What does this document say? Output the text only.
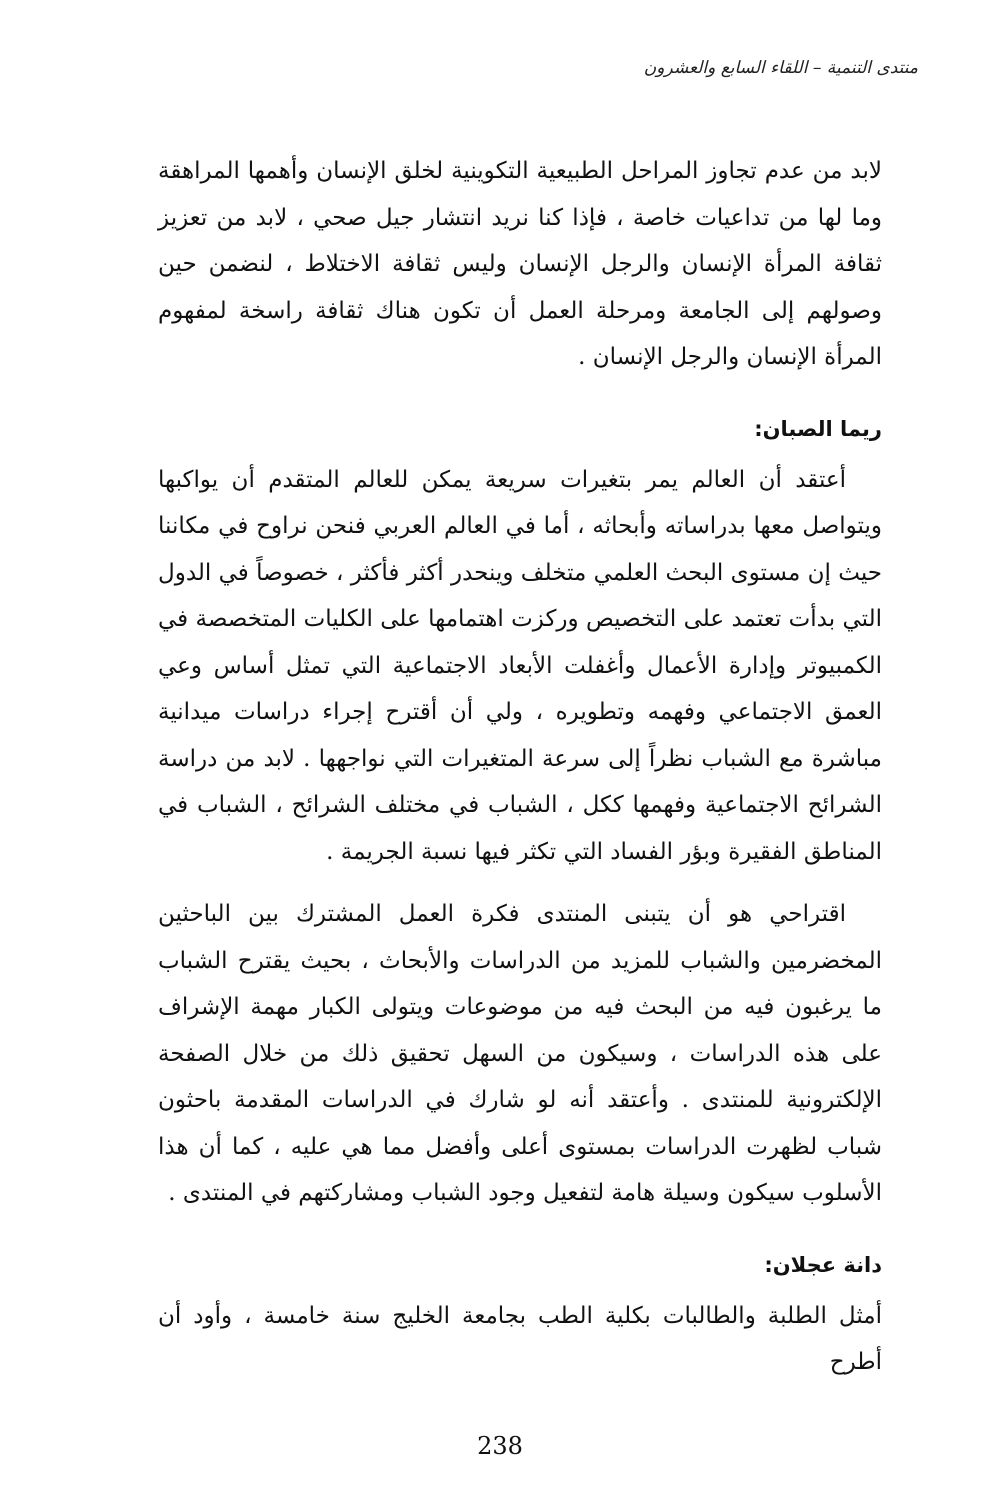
منتدى التنمية – اللقاء السابع والعشرون

لابد من عدم تجاوز المراحل الطبيعية التكوينية لخلق الإنسان وأهمها المراهقة وما لها من تداعيات خاصة ، فإذا كنا نريد انتشار جيل صحي ، لابد من تعزيز ثقافة المرأة الإنسان والرجل الإنسان وليس ثقافة الاختلاط ، لنضمن حين وصولهم إلى الجامعة ومرحلة العمل أن تكون هناك ثقافة راسخة لمفهوم المرأة الإنسان والرجل الإنسان .

ريما الصبان:

أعتقد أن العالم يمر بتغيرات سريعة يمكن للعالم المتقدم أن يواكبها ويتواصل معها بدراساته وأبحاثه ، أما في العالم العربي فنحن نراوح في مكاننا حيث إن مستوى البحث العلمي متخلف وينحدر أكثر فأكثر ، خصوصاً في الدول التي بدأت تعتمد على التخصيص وركزت اهتمامها على الكليات المتخصصة في الكمبيوتر وإدارة الأعمال وأغفلت الأبعاد الاجتماعية التي تمثل أساس وعي العمق الاجتماعي وفهمه وتطويره ، ولي أن أقترح إجراء دراسات ميدانية مباشرة مع الشباب نظراً إلى سرعة المتغيرات التي نواجهها . لابد من دراسة الشرائح الاجتماعية وفهمها ككل ، الشباب في مختلف الشرائح ، الشباب في المناطق الفقيرة وبؤر الفساد التي تكثر فيها نسبة الجريمة .

اقتراحي هو أن يتبنى المنتدى فكرة العمل المشترك بين الباحثين المخضرمين والشباب للمزيد من الدراسات والأبحاث ، بحيث يقترح الشباب ما يرغبون فيه من البحث فيه من موضوعات ويتولى الكبار مهمة الإشراف على هذه الدراسات ، وسيكون من السهل تحقيق ذلك من خلال الصفحة الإلكترونية للمنتدى . وأعتقد أنه لو شارك في الدراسات المقدمة باحثون شباب لظهرت الدراسات بمستوى أعلى وأفضل مما هي عليه ، كما أن هذا الأسلوب سيكون وسيلة هامة لتفعيل وجود الشباب ومشاركتهم في المنتدى .

دانة عجلان:

أمثل الطلبة والطالبات بكلية الطب بجامعة الخليج سنة خامسة ، وأود أن أطرح

238
